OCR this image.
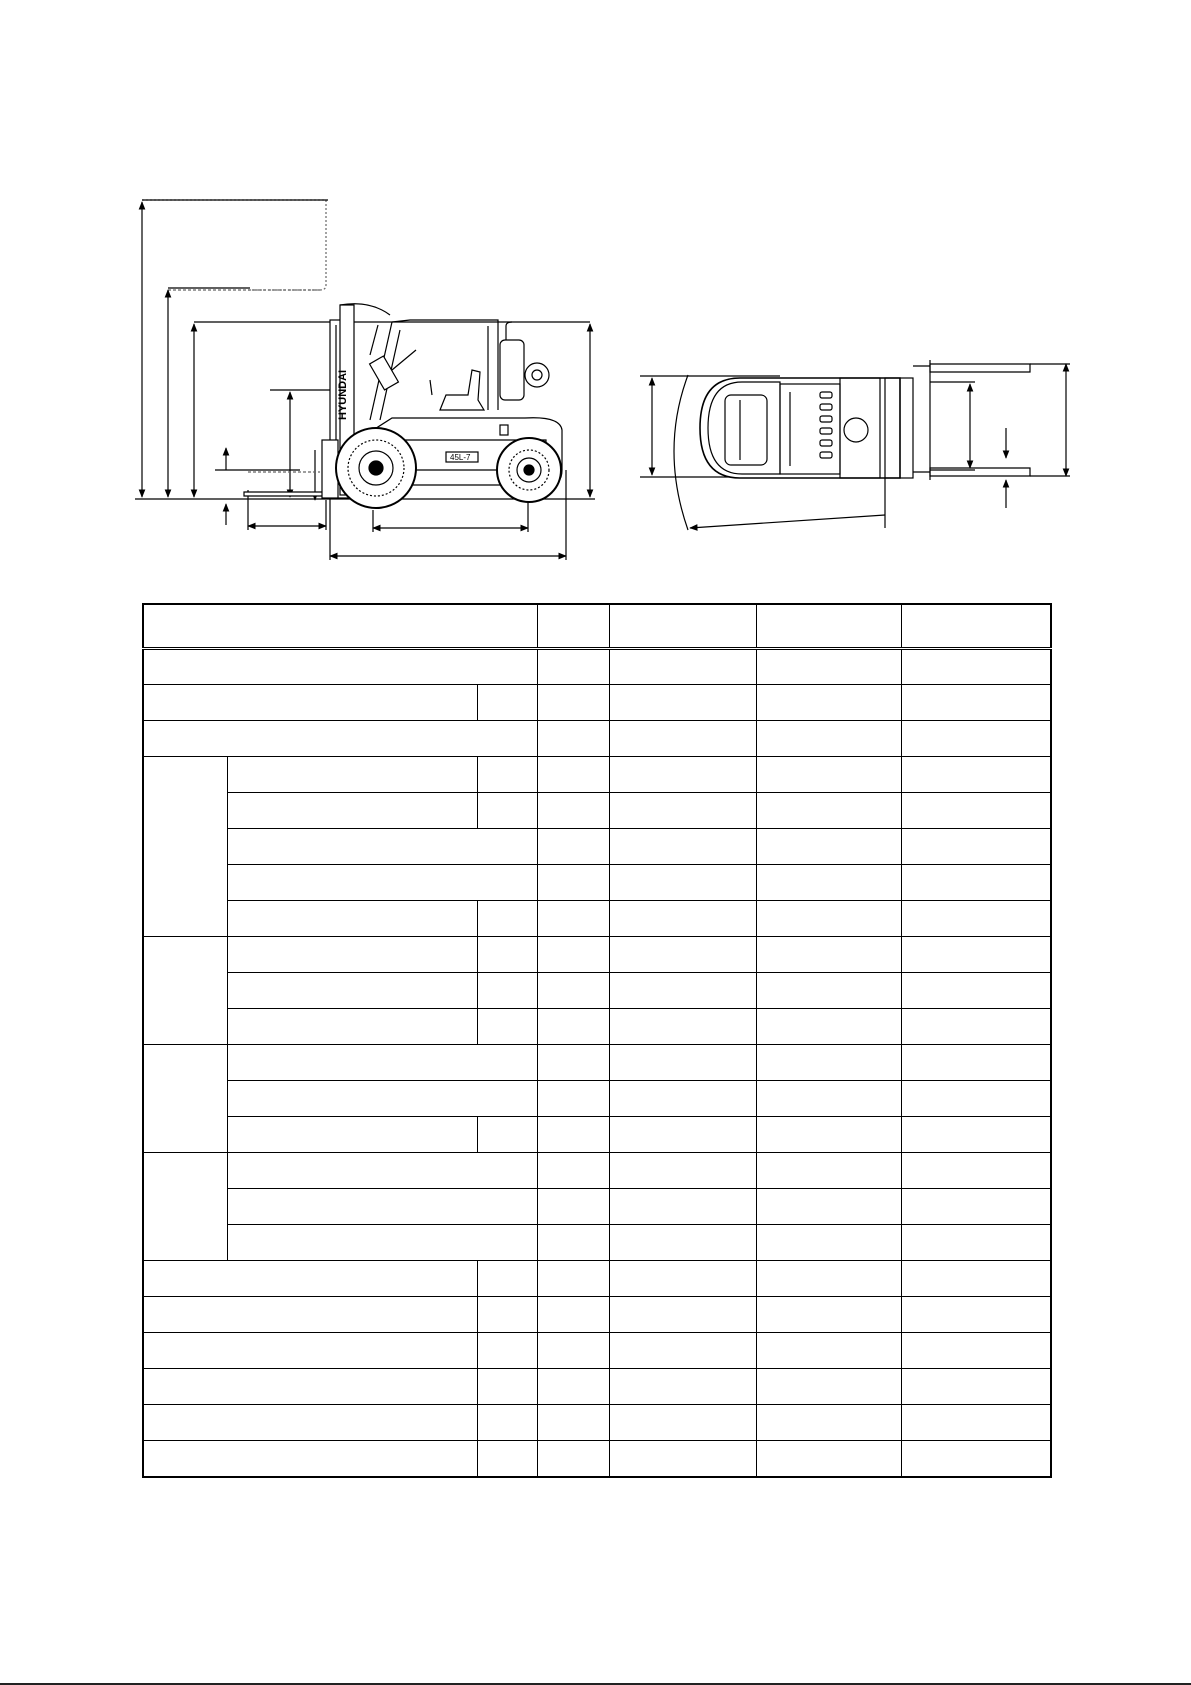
HYUNDAI
45L-7
